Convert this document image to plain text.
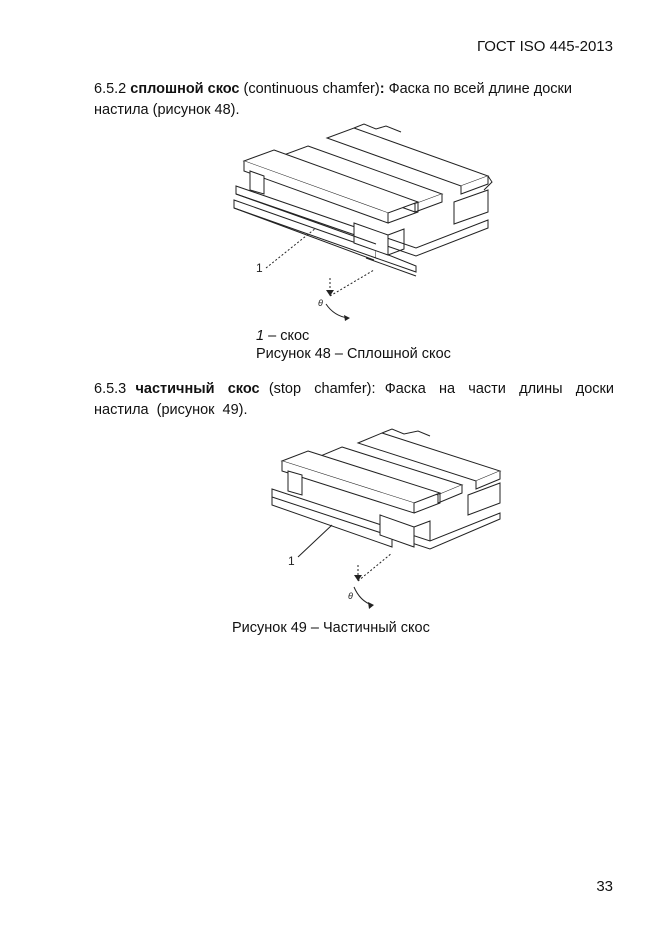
ГОСТ ISO 445-2013

6.5.2 сплошной скос (continuous chamfer): Фаска по всей длине доски настила (рисунок 48).

1
θ
1 – скос
Рисунок 48 – Сплошной скос

6.5.3 частичный скос (stop chamfer): Фаска на части длины доски настила (рисунок 49).

1
θ
Рисунок 49 – Частичный скос
33
